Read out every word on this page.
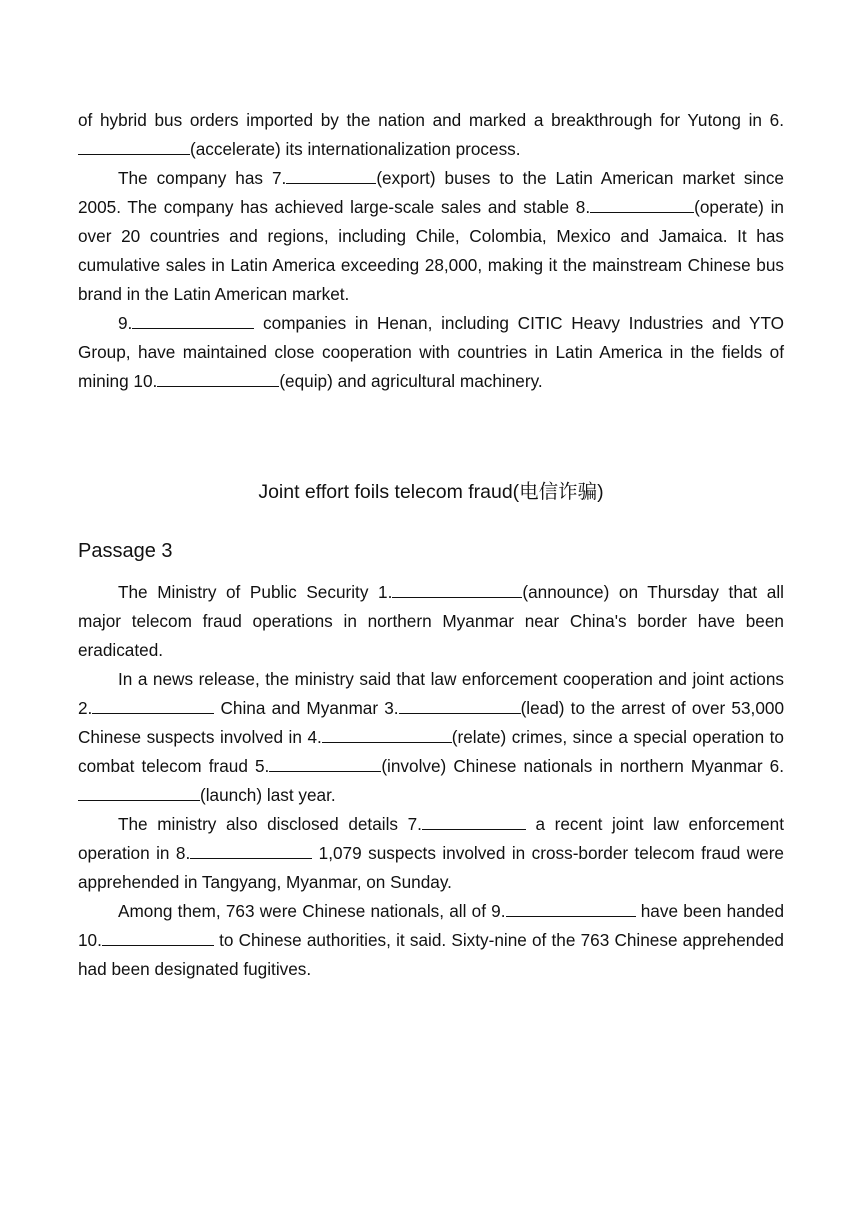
of hybrid bus orders imported by the nation and marked a breakthrough for Yutong in 6.(accelerate) its internationalization process.

The company has 7.	(export) buses to the Latin American market since 2005. The company has achieved large-scale sales and stable 8.	(operate) in over 20 countries and regions, including Chile, Colombia, Mexico and Jamaica. It has cumulative sales in Latin America exceeding 28,000, making it the mainstream Chinese bus brand in the Latin American market.

9.	companies in Henan, including CITIC Heavy Industries and YTO Group, have maintained close cooperation with countries in Latin America in the fields of mining 10.	(equip) and agricultural machinery.

Joint effort foils telecom fraud(电信诈骗)

Passage 3

The Ministry of Public Security 1.	(announce) on Thursday that all major telecom fraud operations in northern Myanmar near China's border have been eradicated.

In a news release, the ministry said that law enforcement cooperation and joint actions 2.	China and Myanmar 3.	(lead) to the arrest of over 53,000 Chinese suspects involved in 4.	(relate) crimes, since a special operation to combat telecom fraud 5.	(involve) Chinese nationals in northern Myanmar 6.(launch) last year.

The ministry also disclosed details 7.	a recent joint law enforcement operation in 8.	1,079 suspects involved in cross-border telecom fraud were apprehended in Tangyang, Myanmar, on Sunday.

Among them, 763 were Chinese nationals, all of 9.	have been handed 10.	to Chinese authorities, it said. Sixty-nine of the 763 Chinese apprehended had been designated fugitives.
